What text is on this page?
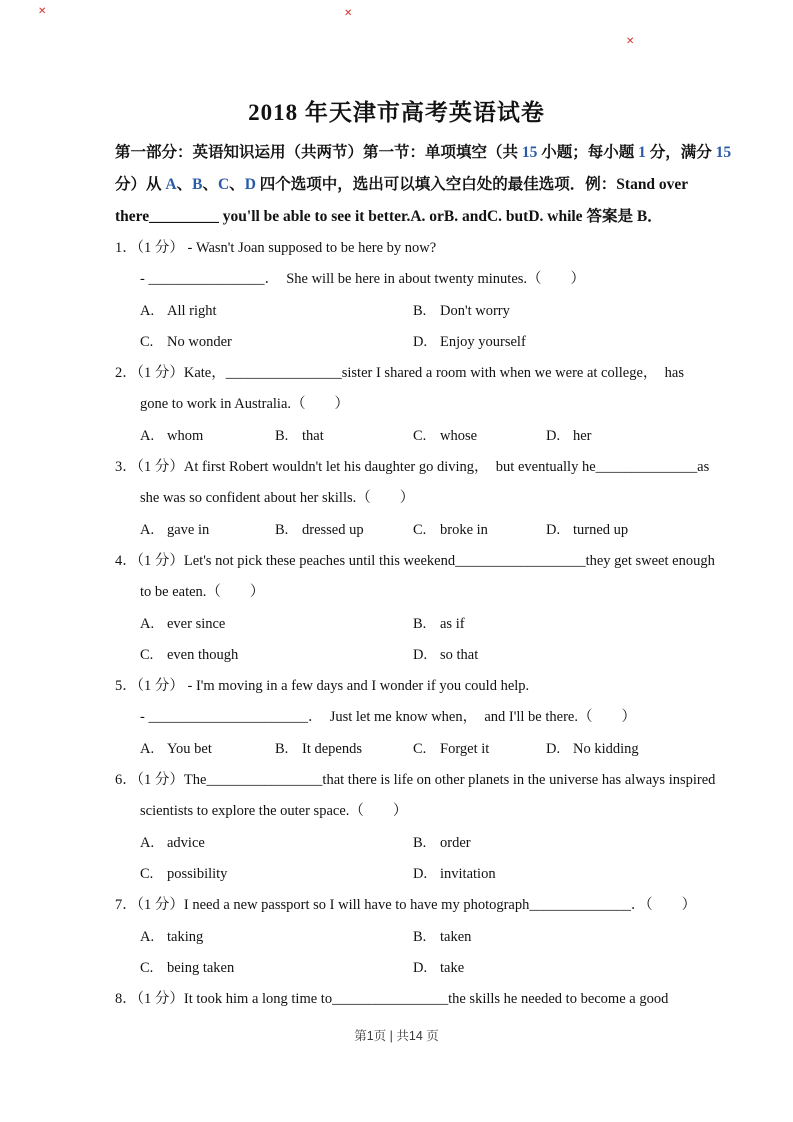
2018 年天津市高考英语试卷
第一部分：英语知识运用（共两节）第一节：单项填空（共 15 小题；每小题 1 分，满分 15
分）从 A、B、C、D 四个选项中，选出可以填入空白处的最佳选项．例：Stand over
there_________ you'll be able to see it better.A. orB. andC. butD. while 答案是 B．
1．（1 分） - Wasn't Joan supposed to be here by now?
- ________________．  She will be here in about twenty minutes.（　　）
A. All right	B. Don't worry
C. No wonder	D. Enjoy yourself
2．（1 分）Kate，________________sister I shared a room with when we were at college，  has
gone to work in Australia.（　　）
A. whom	B. that	C. whose	D. her
3．（1 分）At first Robert wouldn't let his daughter go diving，  but eventually he______________as
she was so confident about her skills.（　　）
A. gave in	B. dressed up	C. broke in	D. turned up
4．（1 分）Let's not pick these peaches until this weekend__________________they get sweet enough
to be eaten.（　　）
A. ever since	B. as if
C. even though	D. so that
5．（1 分） - I'm moving in a few days and I wonder if you could help.
- ______________________．  Just let me know when，  and I'll be there.（　　）
A. You bet	B. It depends	C. Forget it	D. No kidding
6．（1 分）The________________that there is life on other planets in the universe has always inspired
scientists to explore the outer space.（　　）
A. advice	B. order
C. possibility	D. invitation
7．（1 分）I need a new passport so I will have to have my photograph______________．（　　）
A. taking	B. taken
C. being taken	D. take
8．（1 分）It took him a long time to________________the skills he needed to become a good
第1页 | 共14 页
✕	✕
✕
